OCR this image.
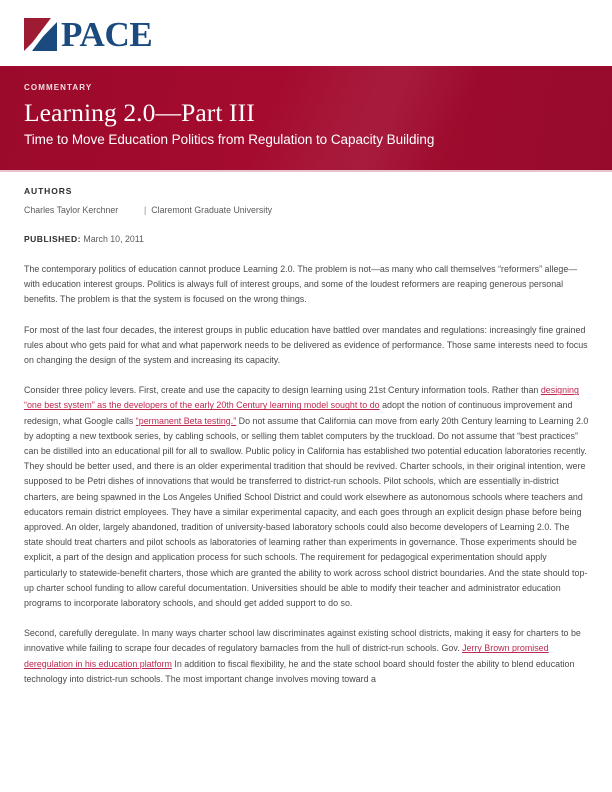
PACE
COMMENTARY
Learning 2.0—Part III
Time to Move Education Politics from Regulation to Capacity Building
AUTHORS
Charles Taylor Kerchner	| Claremont Graduate University
PUBLISHED: March 10, 2011

The contemporary politics of education cannot produce Learning 2.0. The problem is not—as many who call themselves “reformers” allege—with education interest groups. Politics is always full of interest groups, and some of the loudest reformers are reaping generous personal benefits. The problem is that the system is focused on the wrong things.

For most of the last four decades, the interest groups in public education have battled over mandates and regulations: increasingly fine grained rules about who gets paid for what and what paperwork needs to be delivered as evidence of performance. Those same interests need to focus on changing the design of the system and increasing its capacity.

Consider three policy levers. First, create and use the capacity to design learning using 21st Century information tools. Rather than designing “one best system” as the developers of the early 20th Century learning model sought to do adopt the notion of continuous improvement and redesign, what Google calls “permanent Beta testing.” Do not assume that California can move from early 20th Century learning to Learning 2.0 by adopting a new textbook series, by cabling schools, or selling them tablet computers by the truckload. Do not assume that “best practices” can be distilled into an educational pill for all to swallow. Public policy in California has established two potential education laboratories recently. They should be better used, and there is an older experimental tradition that should be revived. Charter schools, in their original intention, were supposed to be Petri dishes of innovations that would be transferred to district-run schools. Pilot schools, which are essentially in-district charters, are being spawned in the Los Angeles Unified School District and could work elsewhere as autonomous schools where teachers and educators remain district employees. They have a similar experimental capacity, and each goes through an explicit design phase before being approved. An older, largely abandoned, tradition of university-based laboratory schools could also become developers of Learning 2.0. The state should treat charters and pilot schools as laboratories of learning rather than experiments in governance. Those experiments should be explicit, a part of the design and application process for such schools. The requirement for pedagogical experimentation should apply particularly to statewide-benefit charters, those which are granted the ability to work across school district boundaries. And the state should top-up charter school funding to allow careful documentation. Universities should be able to modify their teacher and administrator education programs to incorporate laboratory schools, and should get added support to do so.

Second, carefully deregulate. In many ways charter school law discriminates against existing school districts, making it easy for charters to be innovative while failing to scrape four decades of regulatory barnacles from the hull of district-run schools. Gov. Jerry Brown promised deregulation in his education platform In addition to fiscal flexibility, he and the state school board should foster the ability to blend education technology into district-run schools. The most important change involves moving toward a
